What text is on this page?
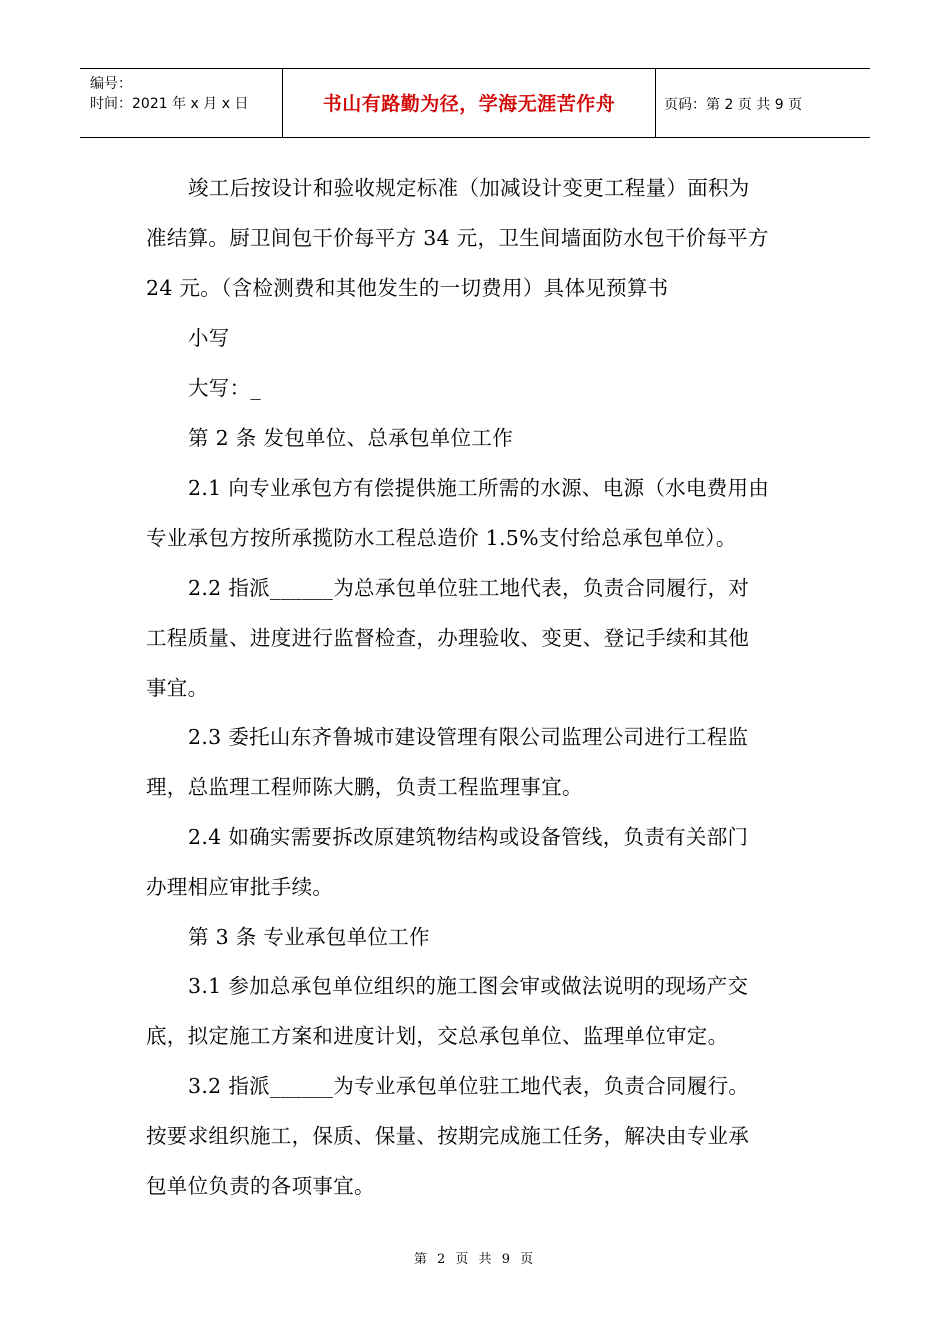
编号：
时间：2021 年 x 月 x 日	书山有路勤为径，学海无涯苦作舟	页码：第 2 页 共 9 页
竣工后按设计和验收规定标准（加减设计变更工程量）面积为
准结算。厨卫间包干价每平方 34 元，卫生间墙面防水包干价每平方
24 元。（含检测费和其他发生的一切费用）具体见预算书
小写
大写：_
第 2 条 发包单位、总承包单位工作
2.1 向专业承包方有偿提供施工所需的水源、电源（水电费用由
专业承包方按所承揽防水工程总造价 1.5%支付给总承包单位）。
2.2 指派______为总承包单位驻工地代表，负责合同履行，对
工程质量、进度进行监督检查，办理验收、变更、登记手续和其他
事宜。
2.3 委托山东齐鲁城市建设管理有限公司监理公司进行工程监
理，总监理工程师陈大鹏，负责工程监理事宜。
2.4 如确实需要拆改原建筑物结构或设备管线，负责有关部门
办理相应审批手续。
第 3 条 专业承包单位工作
3.1 参加总承包单位组织的施工图会审或做法说明的现场产交
底，拟定施工方案和进度计划，交总承包单位、监理单位审定。
3.2 指派______为专业承包单位驻工地代表，负责合同履行。
按要求组织施工，保质、保量、按期完成施工任务，解决由专业承
包单位负责的各项事宜。
第 2 页 共 9 页
